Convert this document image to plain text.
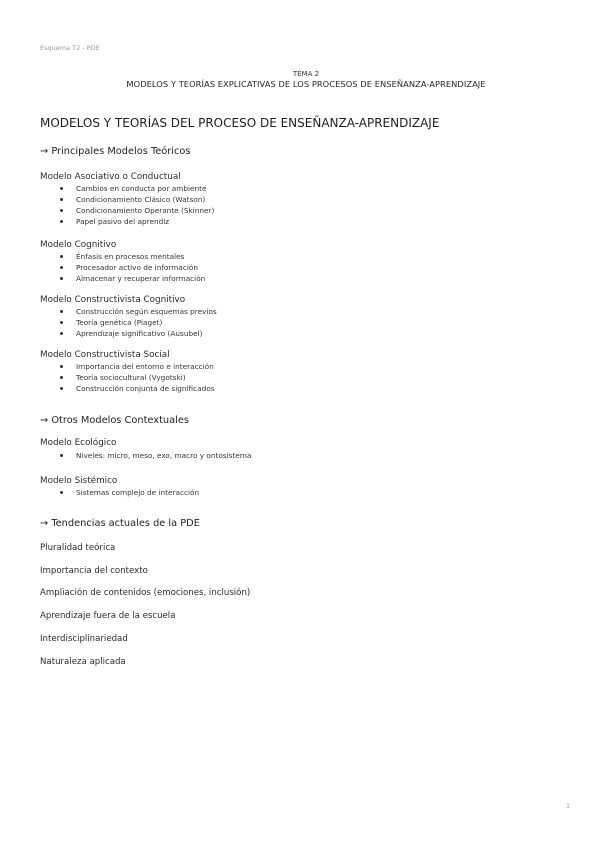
Esquema T2 - PDE
TEMA 2
MODELOS Y TEORÍAS EXPLICATIVAS DE LOS PROCESOS DE ENSEÑANZA-APRENDIZAJE
MODELOS Y TEORÍAS DEL PROCESO DE ENSEÑANZA-APRENDIZAJE
→ Principales Modelos Teóricos
Modelo Asociativo o Conductual
Cambios en conducta por ambiente
Condicionamiento Clásico (Watson)
Condicionamiento Operante (Skinner)
Papel pasivo del aprendiz
Modelo Cognitivo
Énfasis en procesos mentales
Procesador activo de información
Almacenar y recuperar información
Modelo Constructivista Cognitivo
Construcción según esquemas previos
Teoría genética (Piaget)
Aprendizaje significativo (Ausubel)
Modelo Constructivista Social
Importancia del entorno e interacción
Teoría sociocultural (Vygotski)
Construcción conjunta de significados
→ Otros Modelos Contextuales
Modelo Ecológico
Niveles: micro, meso, exo, macro y ontosistema
Modelo Sistémico
Sistemas complejo de interacción
→ Tendencias actuales de la PDE
Pluralidad teórica
Importancia del contexto
Ampliación de contenidos (emociones, inclusión)
Aprendizaje fuera de la escuela
Interdisciplinariedad
Naturaleza aplicada
1
